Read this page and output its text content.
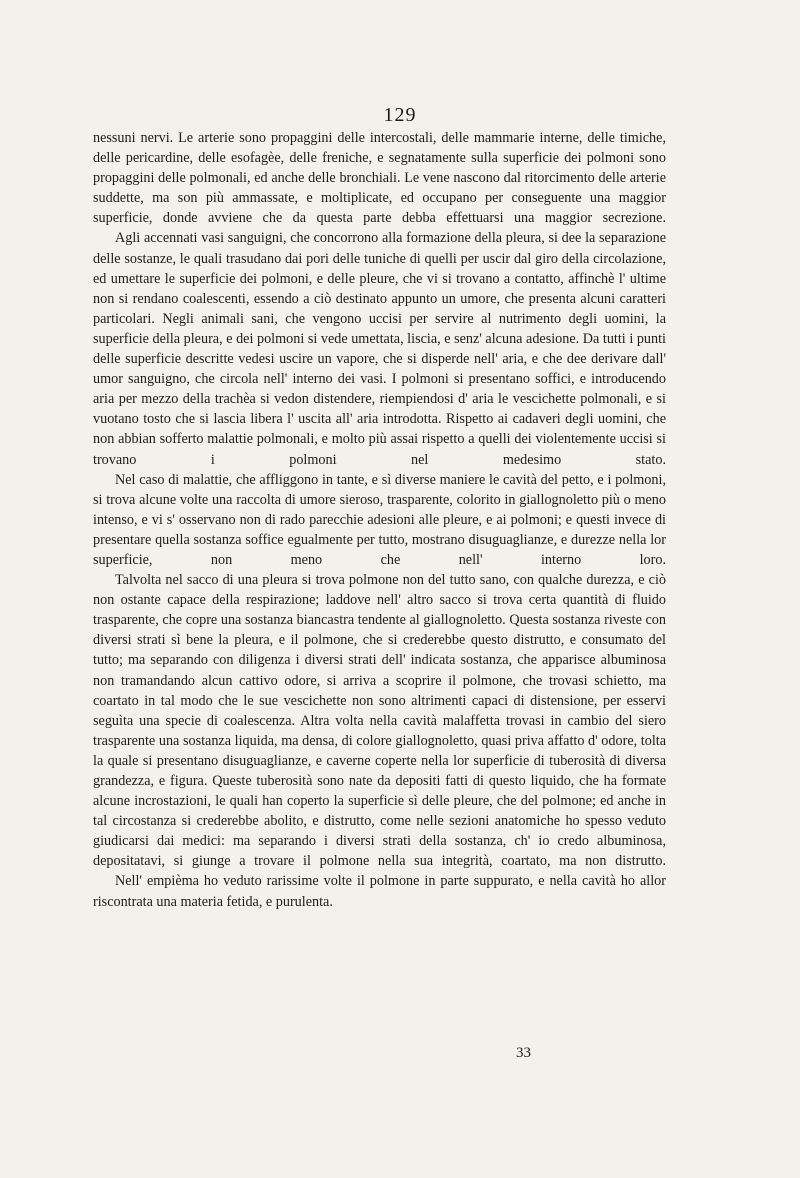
129

nessuni nervi. Le arterie sono propaggini delle intercostali, delle mammarie interne, delle timiche, delle pericardine, delle esofagèe, delle freniche, e segnatamente sulla superficie dei polmoni sono propaggini delle polmonali, ed anche delle bronchiali. Le vene nascono dal ritorcimento delle arterie suddette, ma son più ammassate, e moltiplicate, ed occupano per conseguente una maggior superficie, donde avviene che da questa parte debba effettuarsi una maggior secrezione.

Agli accennati vasi sanguigni, che concorrono alla formazione della pleura, si dee la separazione delle sostanze, le quali trasudano dai pori delle tuniche di quelli per uscir dal giro della circolazione, ed umettare le superficie dei polmoni, e delle pleure, che vi si trovano a contatto, affinchè l' ultime non si rendano coalescenti, essendo a ciò destinato appunto un umore, che presenta alcuni caratteri particolari. Negli animali sani, che vengono uccisi per servire al nutrimento degli uomini, la superficie della pleura, e dei polmoni si vede umettata, liscia, e senz' alcuna adesione. Da tutti i punti delle superficie descritte vedesi uscire un vapore, che si disperde nell' aria, e che dee derivare dall' umor sanguigno, che circola nell' interno dei vasi. I polmoni si presentano soffici, e introducendo aria per mezzo della trachèa si vedon distendere, riempiendosi d' aria le vescichette polmonali, e si vuotano tosto che si lascia libera l' uscita all' aria introdotta. Rispetto ai cadaveri degli uomini, che non abbian sofferto malattie polmonali, e molto più assai rispetto a quelli dei violentemente uccisi si trovano i polmoni nel medesimo stato.

Nel caso di malattie, che affliggono in tante, e sì diverse maniere le cavità del petto, e i polmoni, si trova alcune volte una raccolta di umore sieroso, trasparente, colorito in giallognoletto più o meno intenso, e vi s' osservano non di rado parecchie adesioni alle pleure, e ai polmoni; e questi invece di presentare quella sostanza soffice egualmente per tutto, mostrano disuguaglianze, e durezze nella lor superficie, non meno che nell' interno loro.

Talvolta nel sacco di una pleura si trova polmone non del tutto sano, con qualche durezza, e ciò non ostante capace della respirazione; laddove nell' altro sacco si trova certa quantità di fluido trasparente, che copre una sostanza biancastra tendente al giallognoletto. Questa sostanza riveste con diversi strati sì bene la pleura, e il polmone, che si crederebbe questo distrutto, e consumato del tutto; ma separando con diligenza i diversi strati dell' indicata sostanza, che apparisce albuminosa non tramandando alcun cattivo odore, si arriva a scoprire il polmone, che trovasi schietto, ma coartato in tal modo che le sue vescichette non sono altrimenti capaci di distensione, per esservi seguìta una specie di coalescenza. Altra volta nella cavità malaffetta trovasi in cambio del siero trasparente una sostanza liquida, ma densa, di colore giallognoletto, quasi priva affatto d' odore, tolta la quale si presentano disuguaglianze, e caverne coperte nella lor superficie di tuberosità di diversa grandezza, e figura. Queste tuberosità sono nate da depositi fatti di questo liquido, che ha formate alcune incrostazioni, le quali han coperto la superficie sì delle pleure, che del polmone; ed anche in tal circostanza si crederebbe abolito, e distrutto, come nelle sezioni anatomiche ho spesso veduto giudicarsi dai medici: ma separando i diversi strati della sostanza, ch' io credo albuminosa, depositatavi, si giunge a trovare il polmone nella sua integrità, coartato, ma non distrutto.

Nell' empièma ho veduto rarissime volte il polmone in parte suppurato, e nella cavità ho allor riscontrata una materia fetida, e purulenta.

33
